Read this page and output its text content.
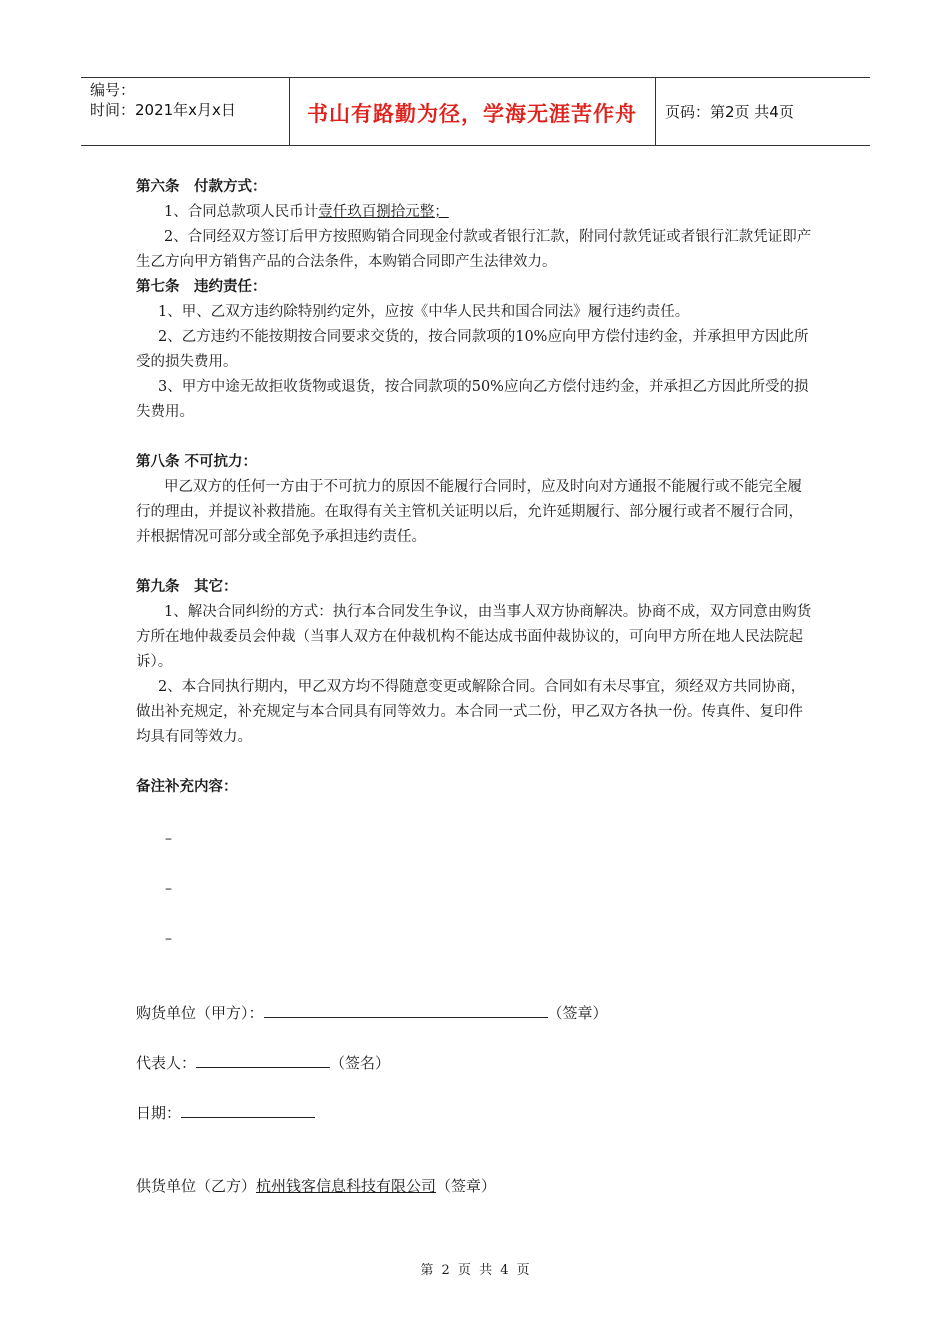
编号：
时间：2021年x月x日	书山有路勤为径，学海无涯苦作舟	页码：第2页 共4页

第六条　付款方式：

1、合同总款项人民币计壹仟玖百捌拾元整；

2、合同经双方签订后甲方按照购销合同现金付款或者银行汇款，附同付款凭证或者银行汇款凭证即产生乙方向甲方销售产品的合法条件，本购销合同即产生法律效力。

第七条　违约责任：

1、甲、乙双方违约除特别约定外，应按《中华人民共和国合同法》履行违约责任。

2、乙方违约不能按期按合同要求交货的，按合同款项的10%应向甲方偿付违约金，并承担甲方因此所受的损失费用。

3、甲方中途无故拒收货物或退货，按合同款项的50%应向乙方偿付违约金，并承担乙方因此所受的损失费用。

第八条 不可抗力：

甲乙双方的任何一方由于不可抗力的原因不能履行合同时，应及时向对方通报不能履行或不能完全履行的理由，并提议补救措施。在取得有关主管机关证明以后，允许延期履行、部分履行或者不履行合同，并根据情况可部分或全部免予承担违约责任。

第九条　其它：

1、解决合同纠纷的方式：执行本合同发生争议，由当事人双方协商解决。协商不成，双方同意由购货方所在地仲裁委员会仲裁（当事人双方在仲裁机构不能达成书面仲裁协议的，可向甲方所在地人民法院起诉）。

2、本合同执行期内，甲乙双方均不得随意变更或解除合同。合同如有未尽事宜，须经双方共同协商，做出补充规定，补充规定与本合同具有同等效力。本合同一式二份，甲乙双方各执一份。传真件、复印件均具有同等效力。

备注补充内容：

–
–
–
购货单位（甲方）：	（签章）
代表人：	（签名）
日期：
供货单位（乙方）杭州钱客信息科技有限公司（签章）
第 2 页 共 4 页
